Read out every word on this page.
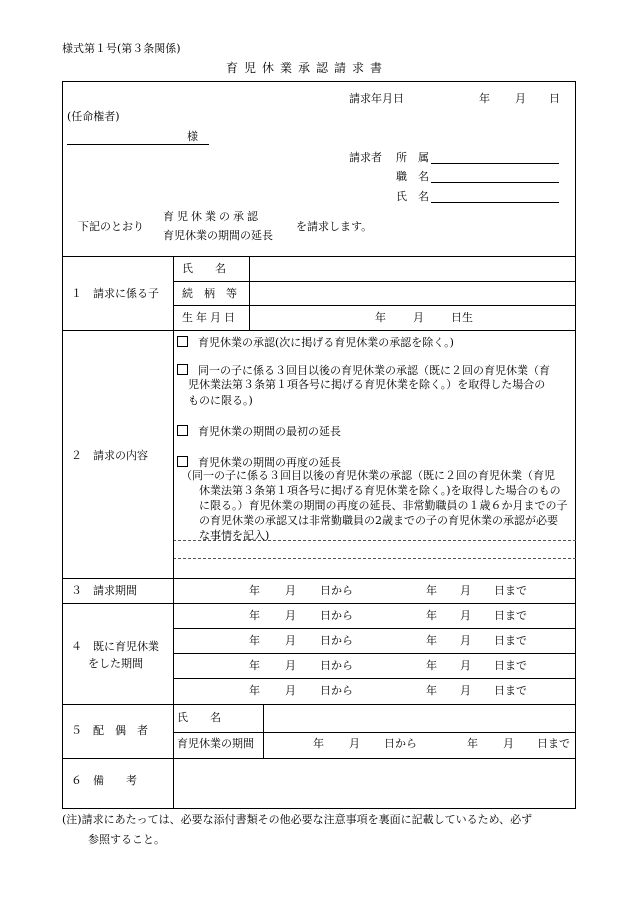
様式第１号(第３条関係)
育児休業承認請求書
請求年月日	年 月 日
(任命権者)
様
請求者 所　属
職　名
氏　名
下記のとおり
育児休業の承認
育児休業の期間の延長
を請求します。
１　請求に係る子
氏　　名
続　柄　等
生年月日	年 月 日生
２　請求の内容
育児休業の承認(次に掲げる育児休業の承認を除く。)
同一の子に係る３回目以後の育児休業の承認（既に２回の育児休業（育
児休業法第３条第１項各号に掲げる育児休業を除く。）を取得した場合の
ものに限る。)
育児休業の期間の最初の延長
育児休業の期間の再度の延長
（同一の子に係る３回目以後の育児休業の承認（既に２回の育児休業（育児
休業法第３条第１項各号に掲げる育児休業を除く。)を取得した場合のもの
に限る。）育児休業の期間の再度の延長、非常勤職員の１歳６か月までの子
の育児休業の承認又は非常勤職員の2歳までの子の育児休業の承認が必要
な事情を記入)
３　請求期間	年 月 日から	年 月 日まで
４　既に育児休業
をした期間
年 月 日から	年 月 日まで
年 月 日から	年 月 日まで
年 月 日から	年 月 日まで
年 月 日から	年 月 日まで
５　配　偶　者
氏　　名
育児休業の期間	年 月 日から	年 月 日まで
６　備　　考
(注)請求にあたっては、必要な添付書類その他必要な注意事項を裏面に記載しているため、必ず
参照すること。
